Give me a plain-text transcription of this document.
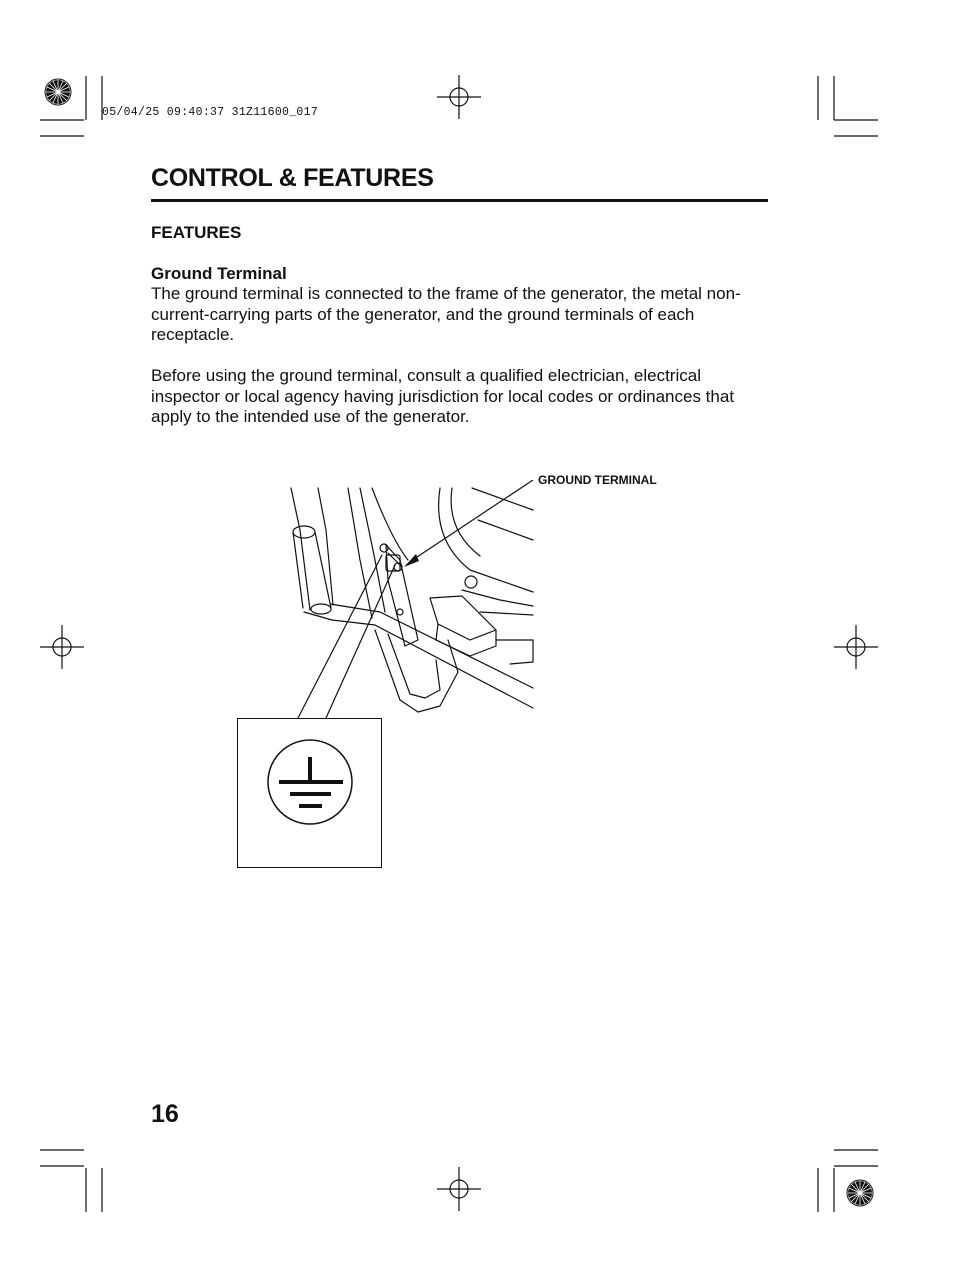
05/04/25 09:40:37 31Z11600_017
CONTROL & FEATURES
FEATURES
Ground Terminal
The ground terminal is connected to the frame of the generator, the metal non-current-carrying parts of the generator, and the ground terminals of each receptacle.
Before using the ground terminal, consult a qualified electrician, electrical inspector or local agency having jurisdiction for local codes or ordinances that apply to the intended use of the generator.
GROUND TERMINAL
16
